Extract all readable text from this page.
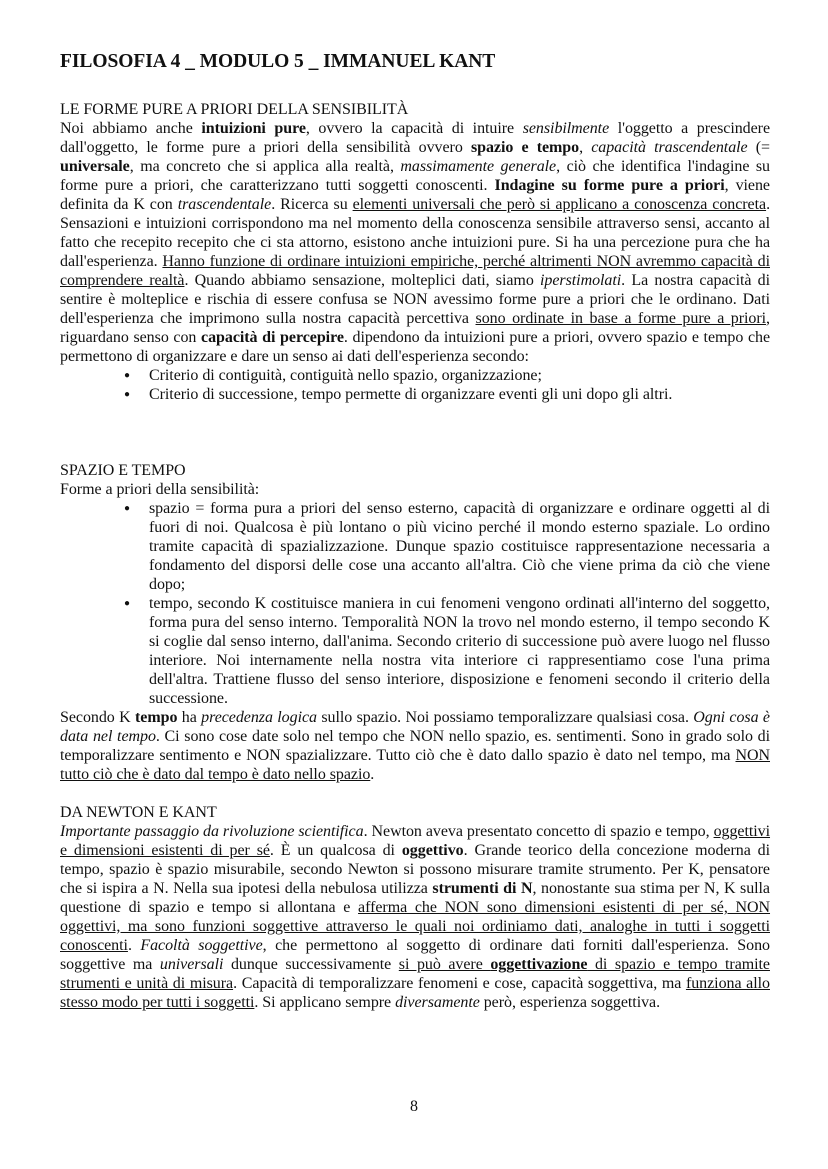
FILOSOFIA 4 _ MODULO 5 _ IMMANUEL KANT
LE FORME PURE A PRIORI DELLA SENSIBILITÀ
Noi abbiamo anche intuizioni pure, ovvero la capacità di intuire sensibilmente l'oggetto a prescindere dall'oggetto, le forme pure a priori della sensibilità ovvero spazio e tempo, capacità trascendentale (= universale, ma concreto che si applica alla realtà, massimamente generale, ciò che identifica l'indagine su forme pure a priori, che caratterizzano tutti soggetti conoscenti. Indagine su forme pure a priori, viene definita da K con trascendentale. Ricerca su elementi universali che però si applicano a conoscenza concreta. Sensazioni e intuizioni corrispondono ma nel momento della conoscenza sensibile attraverso sensi, accanto al fatto che recepito recepito che ci sta attorno, esistono anche intuizioni pure. Si ha una percezione pura che ha dall'esperienza. Hanno funzione di ordinare intuizioni empiriche, perché altrimenti NON avremmo capacità di comprendere realtà. Quando abbiamo sensazione, molteplici dati, siamo iperstimolati. La nostra capacità di sentire è molteplice e rischia di essere confusa se NON avessimo forme pure a priori che le ordinano. Dati dell'esperienza che imprimono sulla nostra capacità percettiva sono ordinate in base a forme pure a priori, riguardano senso con capacità di percepire. dipendono da intuizioni pure a priori, ovvero spazio e tempo che permettono di organizzare e dare un senso ai dati dell'esperienza secondo:
● Criterio di contiguità, contiguità nello spazio, organizzazione;
● Criterio di successione, tempo permette di organizzare eventi gli uni dopo gli altri.
SPAZIO E TEMPO
Forme a priori della sensibilità:
● spazio = forma pura a priori del senso esterno, capacità di organizzare e ordinare oggetti al di fuori di noi. Qualcosa è più lontano o più vicino perché il mondo esterno spaziale. Lo ordino tramite capacità di spazializzazione. Dunque spazio costituisce rappresentazione necessaria a fondamento del disporsi delle cose una accanto all'altra. Ciò che viene prima da ciò che viene dopo;
● tempo, secondo K costituisce maniera in cui fenomeni vengono ordinati all'interno del soggetto, forma pura del senso interno. Temporalità NON la trovo nel mondo esterno, il tempo secondo K si coglie dal senso interno, dall'anima. Secondo criterio di successione può avere luogo nel flusso interiore. Noi internamente nella nostra vita interiore ci rappresentiamo cose l'una prima dell'altra. Trattiene flusso del senso interiore, disposizione e fenomeni secondo il criterio della successione.
Secondo K tempo ha precedenza logica sullo spazio. Noi possiamo temporalizzare qualsiasi cosa. Ogni cosa è data nel tempo. Ci sono cose date solo nel tempo che NON nello spazio, es. sentimenti. Sono in grado solo di temporalizzare sentimento e NON spazializzare. Tutto ciò che è dato dallo spazio è dato nel tempo, ma NON tutto ciò che è dato dal tempo è dato nello spazio.
DA NEWTON E KANT
Importante passaggio da rivoluzione scientifica. Newton aveva presentato concetto di spazio e tempo, oggettivi e dimensioni esistenti di per sé. È un qualcosa di oggettivo. Grande teorico della concezione moderna di tempo, spazio è spazio misurabile, secondo Newton si possono misurare tramite strumento. Per K, pensatore che si ispira a N. Nella sua ipotesi della nebulosa utilizza strumenti di N, nonostante sua stima per N, K sulla questione di spazio e tempo si allontana e afferma che NON sono dimensioni esistenti di per sé, NON oggettivi, ma sono funzioni soggettive attraverso le quali noi ordiniamo dati, analoghe in tutti i soggetti conoscenti. Facoltà soggettive, che permettono al soggetto di ordinare dati forniti dall'esperienza. Sono soggettive ma universali dunque successivamente si può avere oggettivazione di spazio e tempo tramite strumenti e unità di misura. Capacità di temporalizzare fenomeni e cose, capacità soggettiva, ma funziona allo stesso modo per tutti i soggetti. Si applicano sempre diversamente però, esperienza soggettiva.
8
